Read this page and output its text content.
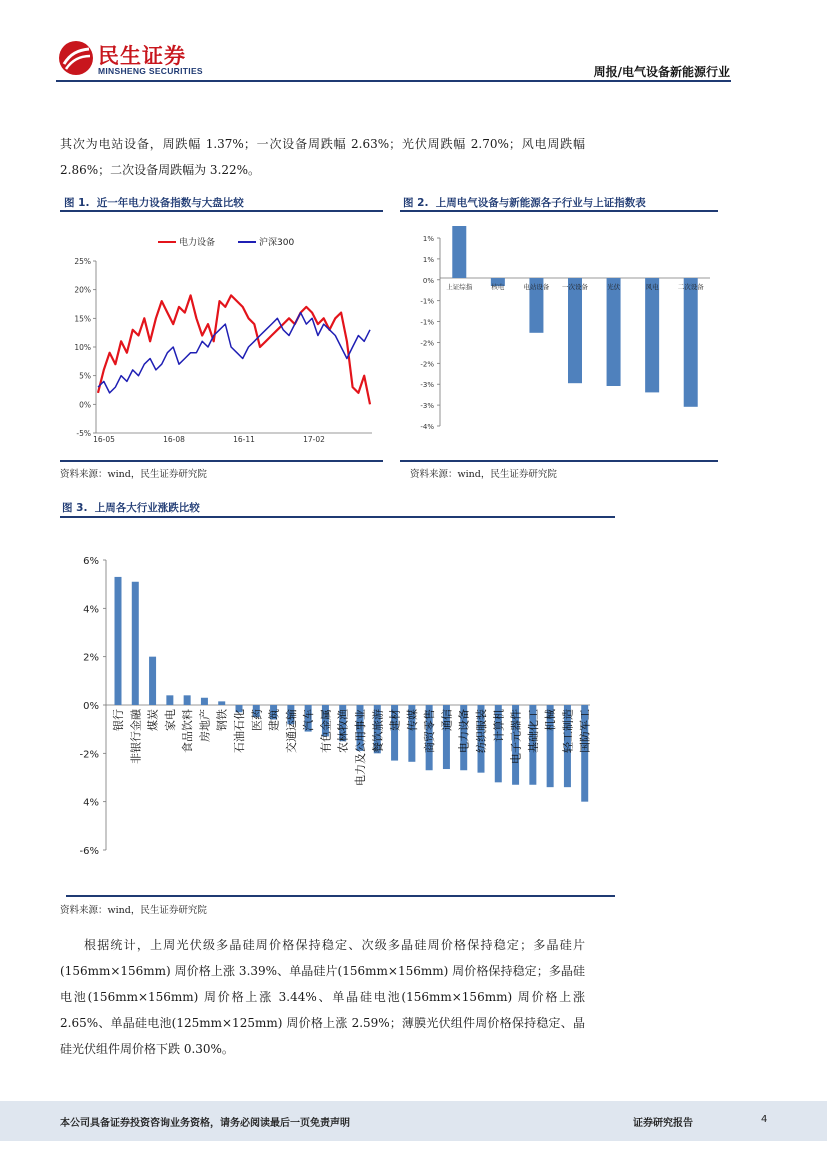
民生证券
MINSHENG SECURITIES	周报/电气设备新能源行业
其次为电站设备，周跌幅 1.37%；一次设备周跌幅 2.63%；光伏周跌幅 2.70%；风电周跌幅 2.86%；二次设备周跌幅为 3.22%。
图 1. 近一年电力设备指数与大盘比较	图 2. 上周电气设备与新能源各子行业与上证指数表
电力设备	沪深300
25%
20%
15%
10%
5%
0%
-5%
16-05	16-08	16-11	17-02
资料来源：wind，民生证券研究院
1%
1%
0%
-1%
-1%
-2%
-2%
-3%
-3%
-4%
上证综指	核电	电站设备 一次设备	光伏	风电	二次设备
资料来源：wind，民生证券研究院
图 3. 上周各大行业涨跌比较
6%
4%
2%
0%
-2%
4%
-6%
银行 非银行金融 煤炭 家电 食品饮料 房地产 钢铁 石油石化 医药 建筑 交通运输 汽车 有色金属 农林牧渔 电力及公用事业 餐饮旅游 建材 传媒 商贸零售 通信 电力设备 纺织服装 计算机 电子元器件 基础化工 机械 轻工制造 国防军工
资料来源：wind，民生证券研究院
根据统计，上周光伏级多晶硅周价格保持稳定、次级多晶硅周价格保持稳定；多晶硅片(156mm×156mm) 周价格上涨 3.39%、单晶硅片(156mm×156mm) 周价格保持稳定；多晶硅电池(156mm×156mm) 周价格上涨 3.44%、单晶硅电池(156mm×156mm) 周价格上涨 2.65%、单晶硅电池(125mm×125mm) 周价格上涨 2.59%；薄膜光伏组件周价格保持稳定、晶硅光伏组件周价格下跌 0.30%。
本公司具备证券投资咨询业务资格，请务必阅读最后一页免责声明	证券研究报告	4
